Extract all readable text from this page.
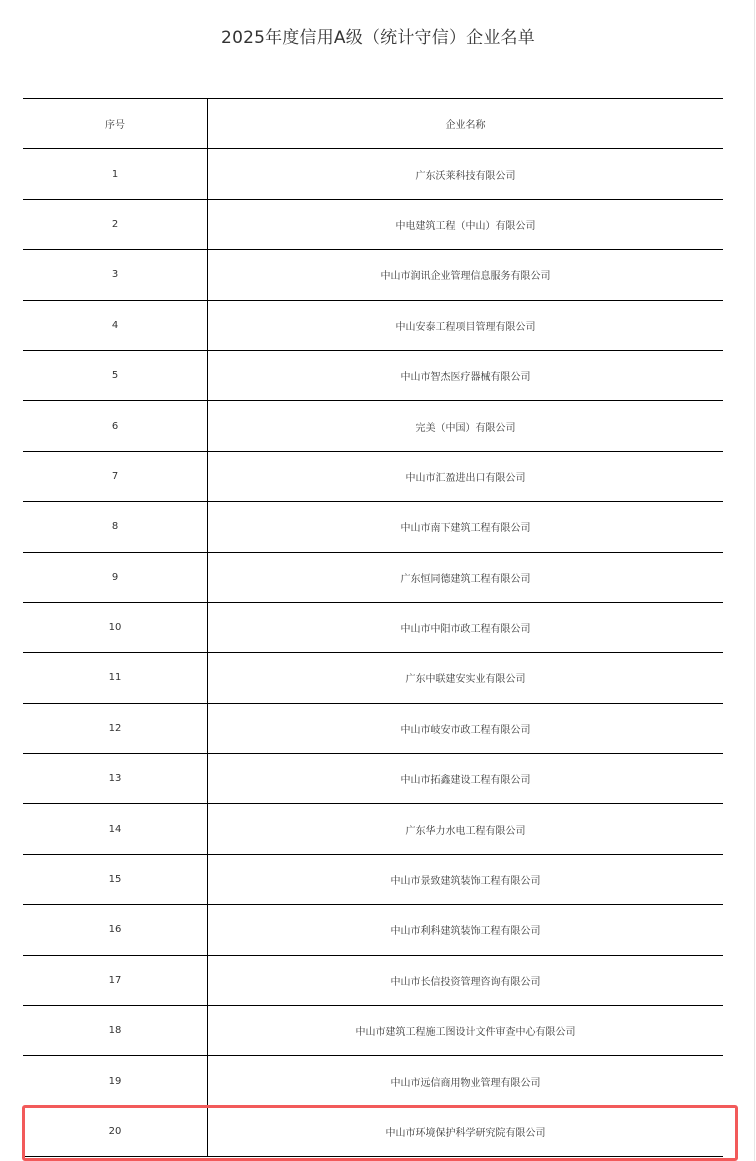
2025年度信用A级（统计守信）企业名单
序号	企业名称
1	广东沃莱科技有限公司
2	中电建筑工程（中山）有限公司
3	中山市润讯企业管理信息服务有限公司
4	中山安泰工程项目管理有限公司
5	中山市智杰医疗器械有限公司
6	完美（中国）有限公司
7	中山市汇盈进出口有限公司
8	中山市南下建筑工程有限公司
9	广东恒同德建筑工程有限公司
10	中山市中阳市政工程有限公司
11	广东中联建安实业有限公司
12	中山市岐安市政工程有限公司
13	中山市拓鑫建设工程有限公司
14	广东华力水电工程有限公司
15	中山市景致建筑装饰工程有限公司
16	中山市利科建筑装饰工程有限公司
17	中山市长信投资管理咨询有限公司
18	中山市建筑工程施工图设计文件审查中心有限公司
19	中山市远信商用物业管理有限公司
20	中山市环境保护科学研究院有限公司
